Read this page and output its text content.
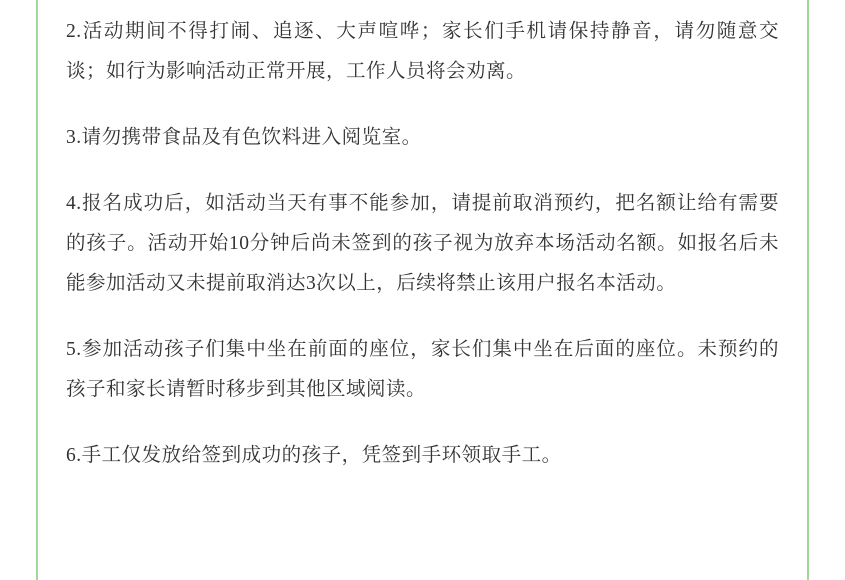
2.活动期间不得打闹、追逐、大声喧哗；家长们手机请保持静音，请勿随意交谈；如行为影响活动正常开展，工作人员将会劝离。

3.请勿携带食品及有色饮料进入阅览室。

4.报名成功后，如活动当天有事不能参加，请提前取消预约，把名额让给有需要的孩子。活动开始10分钟后尚未签到的孩子视为放弃本场活动名额。如报名后未能参加活动又未提前取消达3次以上，后续将禁止该用户报名本活动。

5.参加活动孩子们集中坐在前面的座位，家长们集中坐在后面的座位。未预约的孩子和家长请暂时移步到其他区域阅读。

6.手工仅发放给签到成功的孩子，凭签到手环领取手工。
